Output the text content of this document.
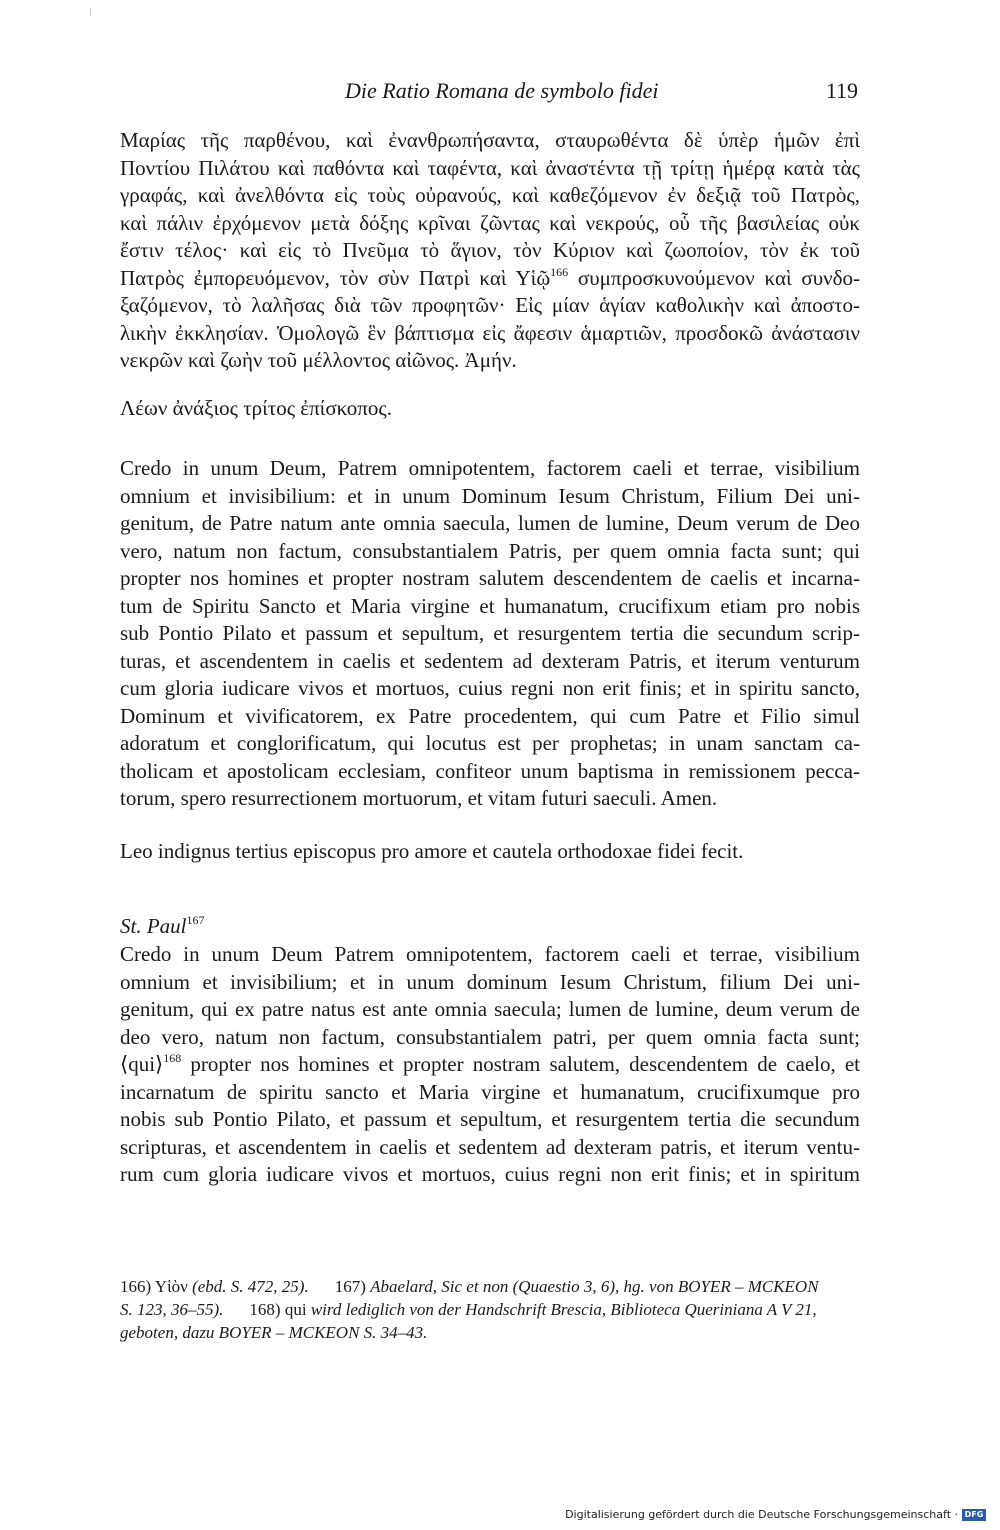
Die Ratio Romana de symbolo fidei	119
Μαρίας τῆς παρθένου, καὶ ἐνανθρωπήσαντα, σταυρωθέντα δὲ ὑπὲρ ἡμῶν ἐπὶ
Ποντίου Πιλάτου καὶ παθόντα καὶ ταφέντα, καὶ ἀναστέντα τῇ τρίτῃ ἡμέρᾳ κατὰ τὰς
γραφάς, καὶ ἀνελθόντα εἰς τοὺς οὐρανούς, καὶ καθεζόμενον ἐν δεξιᾷ τοῦ Πατρὸς,
καὶ πάλιν ἐρχόμενον μετὰ δόξης κρῖναι ζῶντας καὶ νεκρούς, οὗ τῆς βασιλείας οὐκ
ἔστιν τέλος· καὶ εἰς τὸ Πνεῦμα τὸ ἅγιον, τὸν Κύριον καὶ ζωοποίον, τὸν ἐκ τοῦ
Πατρὸς ἐμπορευόμενον, τὸν σὺν Πατρὶ καὶ Υἱῷ$^{166}$ συμπροσκυνούμενον καὶ συνδο-
ξαζόμενον, τὸ λαλῆσας διὰ τῶν προφητῶν· Εἰς μίαν ἁγίαν καθολικὴν καὶ ἀποστο-
λικὴν ἐκκλησίαν. Ὁμολογῶ ἓν βάπτισμα εἰς ἄφεσιν ἁμαρτιῶν, προσδοκῶ ἀνάστασιν
νεκρῶν καὶ ζωὴν τοῦ μέλλοντος αἰῶνος. Ἀμήν.
Λέων ἀνάξιος τρίτος ἐπίσκοπος.
Credo in unum Deum, Patrem omnipotentem, factorem caeli et terrae, visibilium
omnium et invisibilium: et in unum Dominum Iesum Christum, Filium Dei uni-
genitum, de Patre natum ante omnia saecula, lumen de lumine, Deum verum de Deo
vero, natum non factum, consubstantialem Patris, per quem omnia facta sunt; qui
propter nos homines et propter nostram salutem descendentem de caelis et incarna-
tum de Spiritu Sancto et Maria virgine et humanatum, crucifixum etiam pro nobis
sub Pontio Pilato et passum et sepultum, et resurgentem tertia die secundum scrip-
turas, et ascendentem in caelis et sedentem ad dexteram Patris, et iterum venturum
cum gloria iudicare vivos et mortuos, cuius regni non erit finis; et in spiritu sancto,
Dominum et vivificatorem, ex Patre procedentem, qui cum Patre et Filio simul
adoratum et conglorificatum, qui locutus est per prophetas; in unam sanctam ca-
tholicam et apostolicam ecclesiam, confiteor unum baptisma in remissionem pecca-
torum, spero resurrectionem mortuorum, et vitam futuri saeculi. Amen.
Leo indignus tertius episcopus pro amore et cautela orthodoxae fidei fecit.
St. Paul$^{167}$
Credo in unum Deum Patrem omnipotentem, factorem caeli et terrae, visibilium
omnium et invisibilium; et in unum dominum Iesum Christum, filium Dei uni-
genitum, qui ex patre natus est ante omnia saecula; lumen de lumine, deum verum de
deo vero, natum non factum, consubstantialem patri, per quem omnia facta sunt;
⟨qui⟩$^{168}$ propter nos homines et propter nostram salutem, descendentem de caelo, et
incarnatum de spiritu sancto et Maria virgine et humanatum, crucifixumque pro
nobis sub Pontio Pilato, et passum et sepultum, et resurgentem tertia die secundum
scripturas, et ascendentem in caelis et sedentem ad dexteram patris, et iterum ventu-
rum cum gloria iudicare vivos et mortuos, cuius regni non erit finis; et in spiritum
166) Υἱὸν (ebd. S. 472, 25). 167) Abaelard, Sic et non (Quaestio 3, 6), hg. von BOYER – MCKEON
S. 123, 36–55). 168) qui wird lediglich von der Handschrift Brescia, Biblioteca Queriniana A V 21,
geboten, dazu BOYER – MCKEON S. 34–43.
Digitalisierung gefördert durch die Deutsche Forschungsgemeinschaft · DFG
